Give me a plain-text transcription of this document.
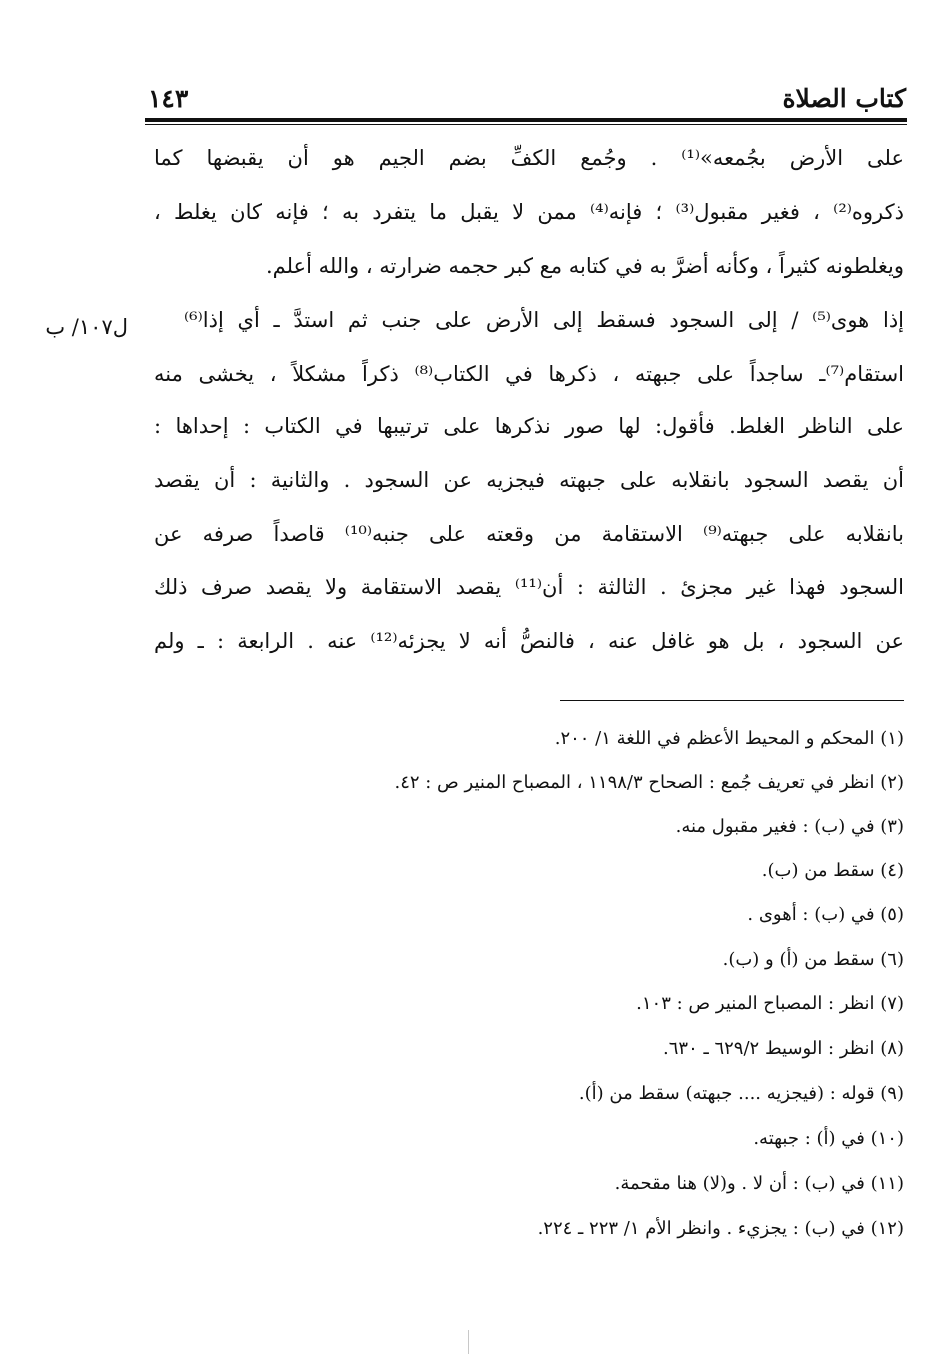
كتاب الصلاة
١٤٣
ل١٠٧/ ب
على الأرض بجُمعه»⁽¹⁾ . وجُمع الكفِّ بضم الجيم هو أن يقبضها كما
ذكروه⁽²⁾ ، فغير مقبول⁽³⁾ ؛ فإنه⁽⁴⁾ ممن لا يقبل ما يتفرد به ؛ فإنه كان يغلط ،
ويغلطونه كثيراً ، وكأنه أضرَّ به في كتابه مع كبر حجمه ضرارته ، والله أعلم.
إذا هوى⁽⁵⁾ / إلى السجود فسقط إلى الأرض على جنب ثم استدَّ ـ أي إذا⁽⁶⁾
استقام⁽⁷⁾ـ ساجداً على جبهته ، ذكرها في الكتاب⁽⁸⁾ ذكراً مشكلاً ، يخشى منه
على الناظر الغلط. فأقول: لها صور نذكرها على ترتيبها في الكتاب : إحداها :
أن يقصد السجود بانقلابه على جبهته فيجزيه عن السجود . والثانية : أن يقصد
بانقلابه على جبهته⁽⁹⁾ الاستقامة من وقعته على جنبه⁽¹⁰⁾ قاصداً صرفه عن
السجود فهذا غير مجزئ . الثالثة : أن⁽¹¹⁾ يقصد الاستقامة ولا يقصد صرف ذلك
عن السجود ، بل هو غافل عنه ، فالنصُّ أنه لا يجزئه⁽¹²⁾ عنه . الرابعة : ـ ولم
(١) المحكم و المحيط الأعظم في اللغة ١/ ٢٠٠.
(٢) انظر في تعريف جُمع : الصحاح ١١٩٨/٣ ، المصباح المنير ص : ٤٢.
(٣) في (ب) : فغير مقبول منه.
(٤) سقط من (ب).
(٥) في (ب) : أهوى .
(٦) سقط من (أ) و (ب).
(٧) انظر : المصباح المنير ص : ١٠٣.
(٨) انظر : الوسيط ٦٢٩/٢ ـ ٦٣٠.
(٩) قوله : (فيجزيه .... جبهته) سقط من (أ).
(١٠) في (أ) : جبهته.
(١١) في (ب) : أن لا . و(لا) هنا مقحمة.
(١٢) في (ب) : يجزيء . وانظر الأم ١/ ٢٢٣ ـ ٢٢٤.
